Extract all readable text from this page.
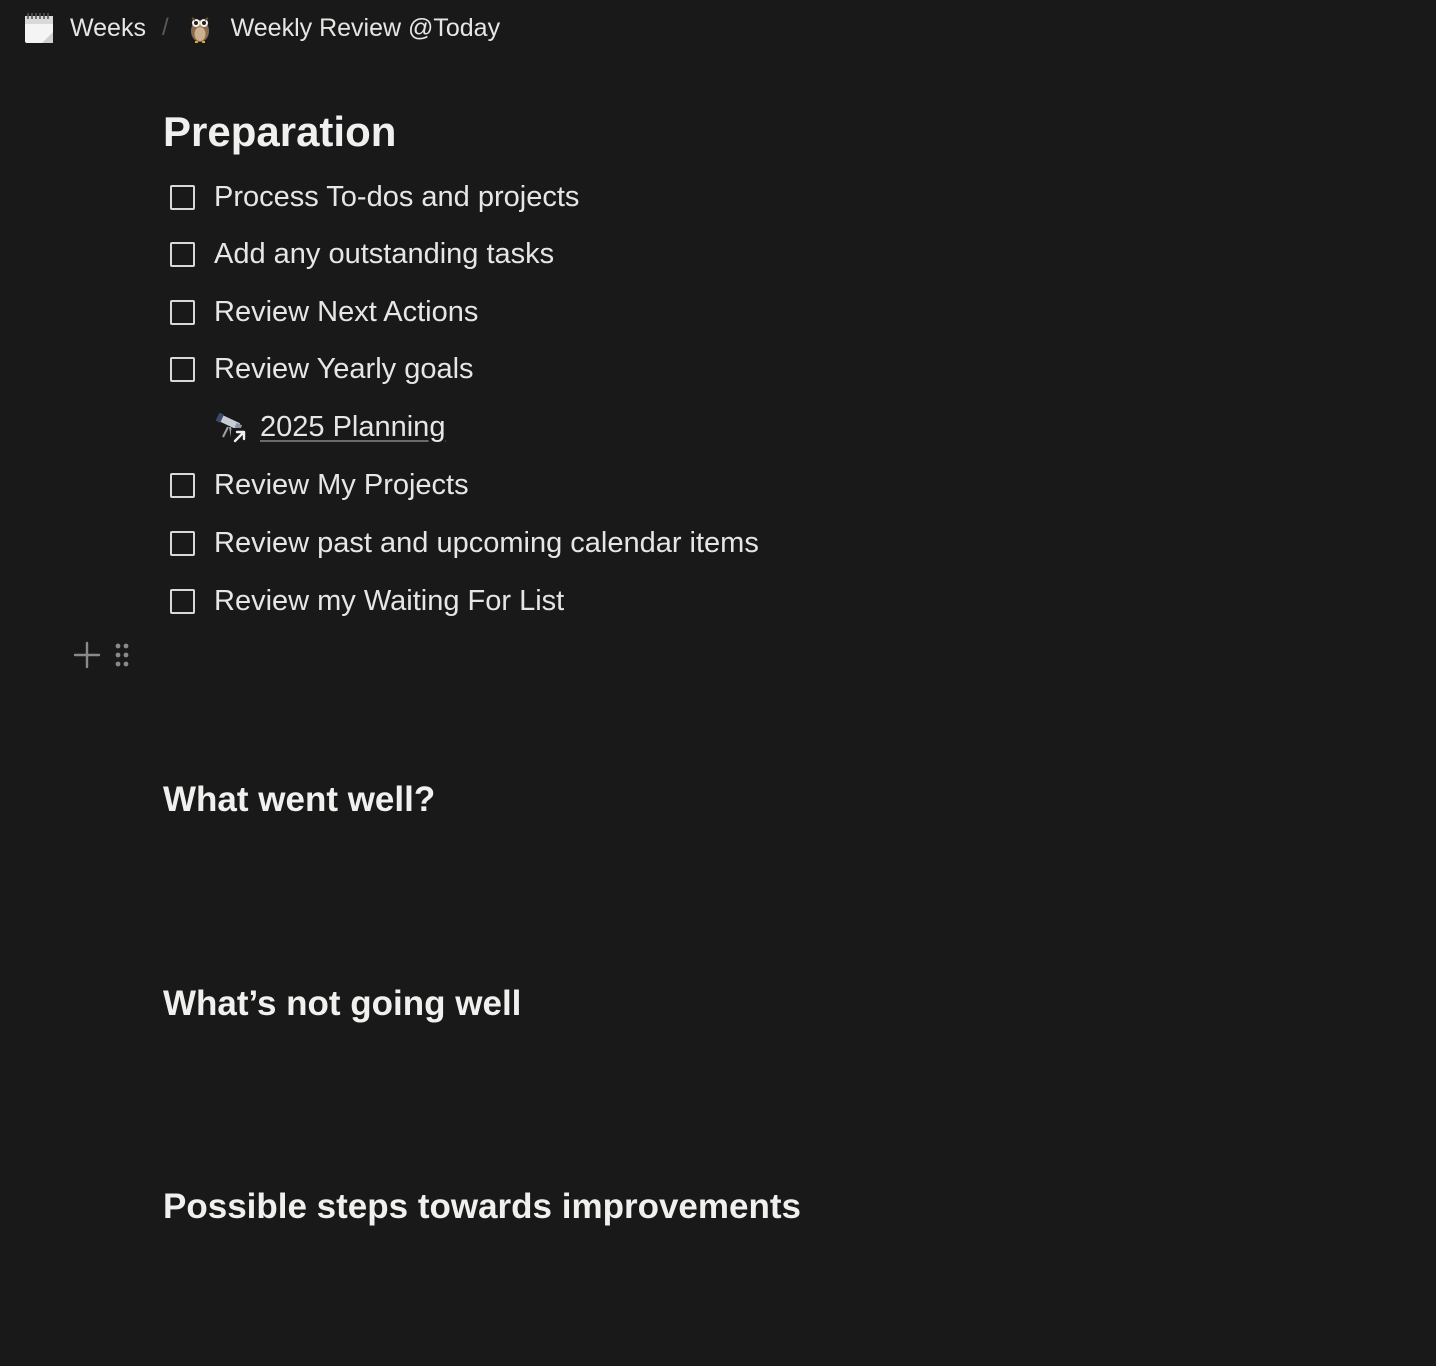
Weeks / Weekly Review @Today
Preparation
Process To-dos and projects
Add any outstanding tasks
Review Next Actions
Review Yearly goals
2025 Planning
Review My Projects
Review past and upcoming calendar items
Review my Waiting For List
What went well?
What’s not going well
Possible steps towards improvements
